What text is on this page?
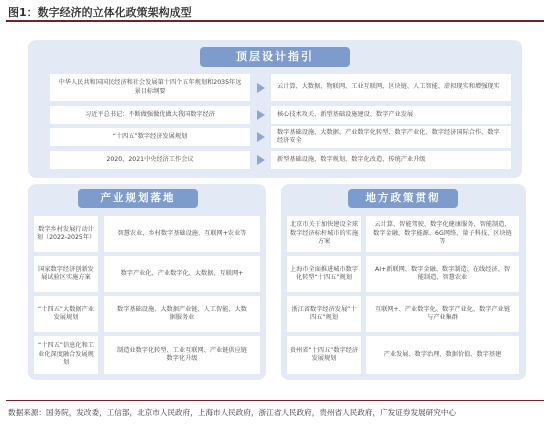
图1：数字经济的立体化政策架构成型
顶层设计指引
中华人民共和国国民经济和社会发展第十四个五年规划和2035年远景目标纲要
云计算、大数据、物联网、工业互联网、区块链、人工智能、虚拟现实和增强现实
习近平总书记：不断做强做优做大我国数字经济	核心技术攻关、新型基础设施建设、数字产业发展
“十四五”数字经济发展规划
数字基础设施、大数据、产业数字化转型、数字产业化、数字经济国际合作、数字经济安全
2020、2021中央经济工作会议	新型基础设施、数字规划、数字化改造、传统产业升级
产业规划落地
数字乡村发展行动计划（2022-2025年）
智慧农业、乡村数字基础设施、互联网+农业等
国家数字经济创新发展试验区实施方案
数字产业化、产业数字化、大数据、互联网+
“十四五”大数据产业发展规划
数字基础设施、大数据产业链、人工智能、大数据服务业
“十四五”信息化和工业化深度融合发展规划
制造业数字化转型、工业互联网、产业链供应链数字化升级
地方政策贯彻
北京市关于加快建设全球数字经济标杆城市的实施方案
云计算、智能驾驶、数字化健康服务、智能制造、数字金融、数字能源、6G网络、量子科技、区块链等
上海市全面推进城市数字化转型“十四五”规划
AI+新联网、数字金融、数字制造、在线经济、智能制造、智慧农业
浙江省数字经济发展“十四五”规划
互联网+、产业数字化、数字产业化、数字产业链与产业集群
贵州省“十四五”数字经济发展规划
产业发展、数字治理、数据价值、数字基建
数据来源：国务院，发改委，工信部，北京市人民政府，上海市人民政府，浙江省人民政府，贵州省人民政府，广发证券发展研究中心
